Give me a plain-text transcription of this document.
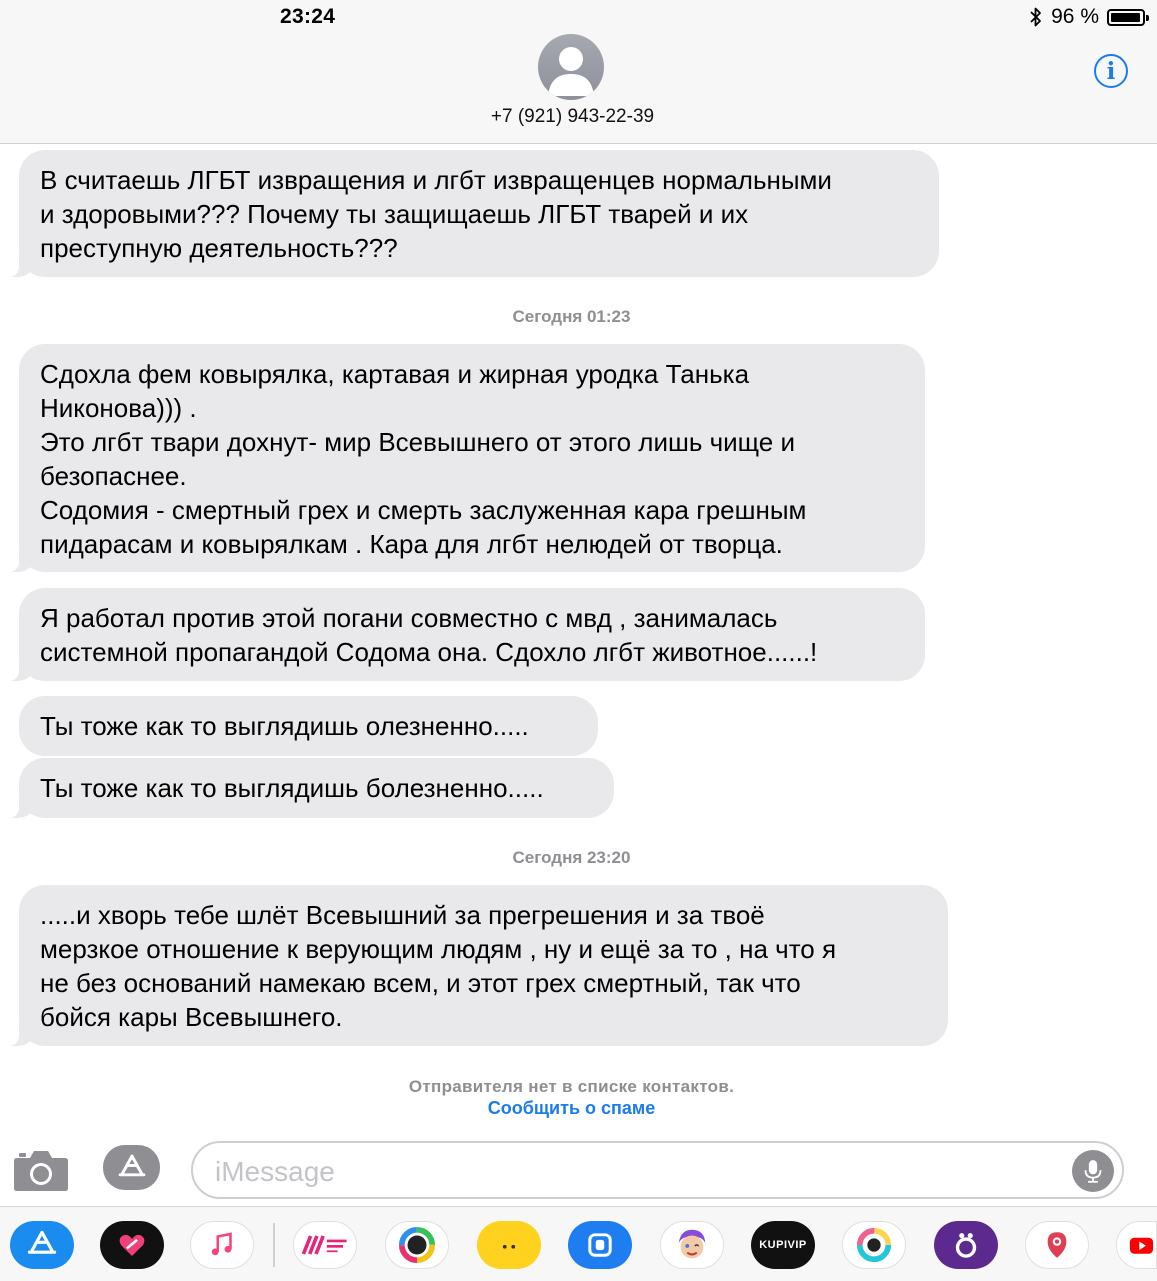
+7 (921) 943-22-39
i
23:24	96 %
В считаешь ЛГБТ извращения и лгбт извращенцев нормальными
и здоровыми??? Почему ты защищаешь ЛГБТ тварей и их
преступную деятельность???
Сегодня 01:23
Сдохла фем ковырялка, картавая и жирная уродка Танька
Никонова))) .
Это лгбт твари дохнут- мир Всевышнего от этого лишь чище и
безопаснее.
Содомия - смертный грех и смерть заслуженная кара грешным
пидарасам и ковырялкам . Кара для лгбт нелюдей от творца.
Я работал против этой погани совместно с мвд , занималась
системной пропагандой Содома она. Сдохло лгбт животное......!
Ты тоже как то выглядишь олезненно.....
Ты тоже как то выглядишь болезненно.....
Сегодня 23:20
.....и хворь тебе шлёт Всевышний за прегрешения и за твоё
мерзкое отношение к верующим людям , ну и ещё за то , на что я
не без оснований намекаю всем, и этот грех смертный, так что
бойся кары Всевышнего.
Отправителя нет в списке контактов.
Сообщить о спаме
iMessage
KUPIVIP
